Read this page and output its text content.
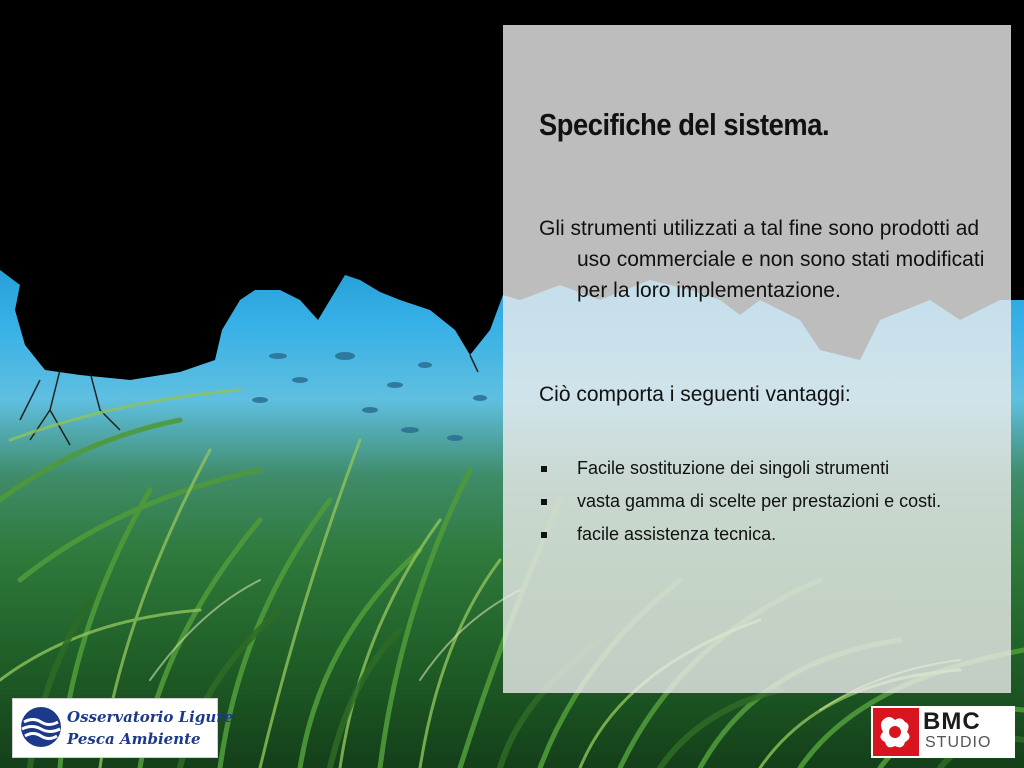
Specifiche del sistema.

Gli strumenti utilizzati a tal fine sono prodotti ad uso commerciale e non sono stati modificati per la loro implementazione.

Ciò comporta i seguenti vantaggi:

Facile sostituzione dei singoli strumenti
vasta gamma di scelte per prestazioni e costi.
facile assistenza tecnica.
Osservatorio Ligure
Pesca Ambiente
BMC
STUDIO
